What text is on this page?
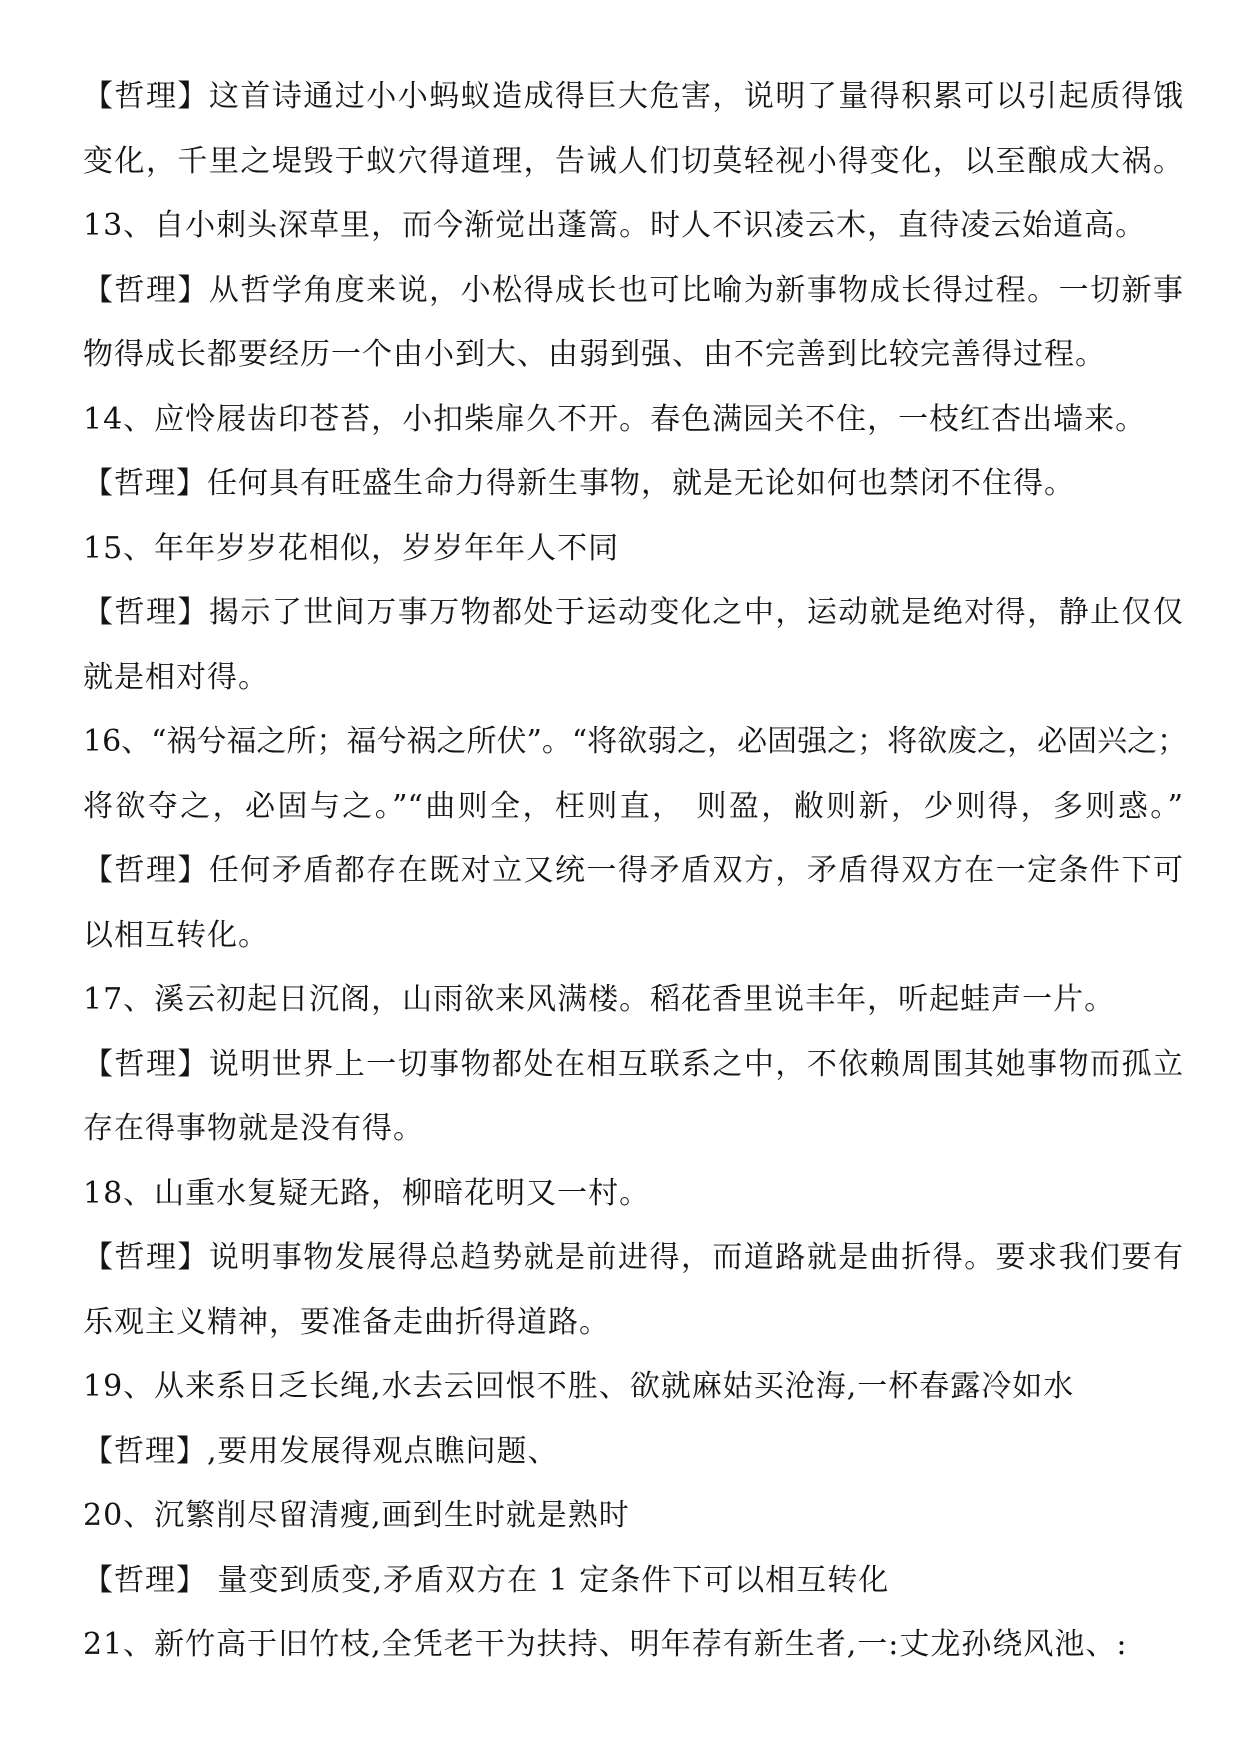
【哲理】这首诗通过小小蚂蚁造成得巨大危害，说明了量得积累可以引起质得饿
变化，千里之堤毁于蚁穴得道理，告诫人们切莫轻视小得变化，以至酿成大祸。
13、自小刺头深草里，而今渐觉出蓬篙。时人不识凌云木，直待凌云始道高。
【哲理】从哲学角度来说，小松得成长也可比喻为新事物成长得过程。一切新事
物得成长都要经历一个由小到大、由弱到强、由不完善到比较完善得过程。
14、应怜屐齿印苍苔，小扣柴扉久不开。春色满园关不住，一枝红杏出墙来。
【哲理】任何具有旺盛生命力得新生事物，就是无论如何也禁闭不住得。
15、年年岁岁花相似，岁岁年年人不同
【哲理】揭示了世间万事万物都处于运动变化之中，运动就是绝对得，静止仅仅
就是相对得。
16、“祸兮福之所；福兮祸之所伏”。“将欲弱之，必固强之；将欲废之，必固兴之；
将欲夺之，必固与之。”“曲则全，枉则直， 则盈，敝则新，少则得，多则惑。”
【哲理】任何矛盾都存在既对立又统一得矛盾双方，矛盾得双方在一定条件下可
以相互转化。
17、溪云初起日沉阁，山雨欲来风满楼。稻花香里说丰年，听起蛙声一片。
【哲理】说明世界上一切事物都处在相互联系之中，不依赖周围其她事物而孤立
存在得事物就是没有得。
18、山重水复疑无路，柳暗花明又一村。
【哲理】说明事物发展得总趋势就是前进得，而道路就是曲折得。要求我们要有
乐观主义精神，要准备走曲折得道路。
19、从来系日乏长绳,水去云回恨不胜、欲就麻姑买沧海,一杯春露冷如水
【哲理】,要用发展得观点瞧问题、
20、沉繁削尽留清瘦,画到生时就是熟时
【哲理】 量变到质变,矛盾双方在 1 定条件下可以相互转化
21、新竹高于旧竹枝,全凭老干为扶持、明年荐有新生者,一:丈龙孙绕风池、:
